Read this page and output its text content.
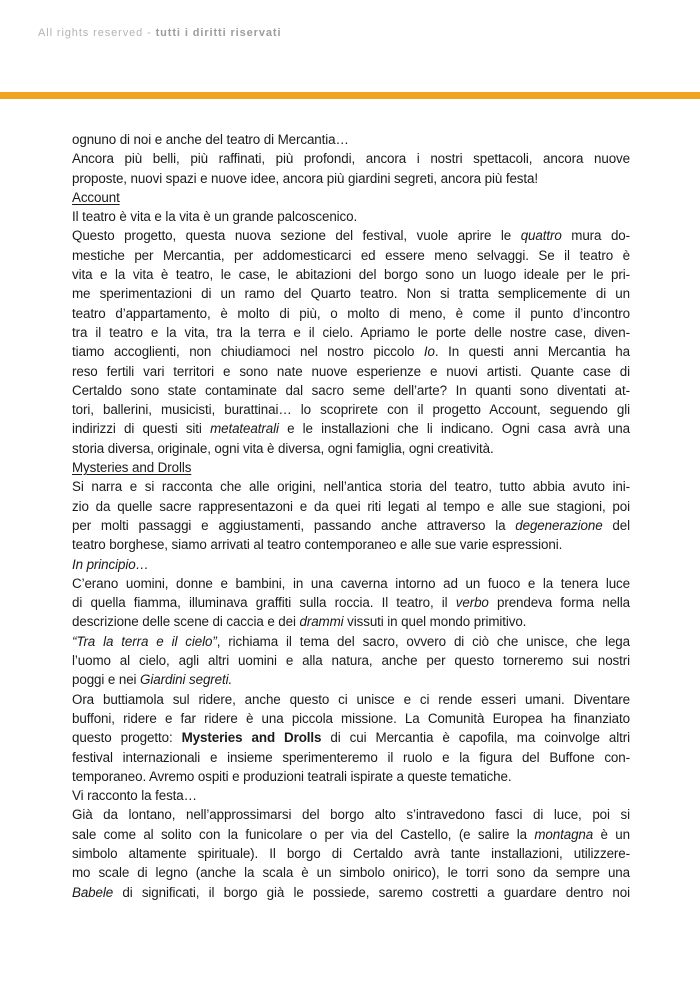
All rights reserved - tutti i diritti riservati
ognuno di noi e anche del teatro di Mercantia…
Ancora più belli, più raffinati, più profondi, ancora i nostri spettacoli, ancora nuove
proposte, nuovi spazi e nuove idee, ancora più giardini segreti, ancora più festa!
Account
Il teatro è vita e la vita è un grande palcoscenico.
Questo progetto, questa nuova sezione del festival, vuole aprire le quattro mura do-
mestiche per Mercantia, per addomesticarci ed essere meno selvaggi. Se il teatro è
vita e la vita è teatro, le case, le abitazioni del borgo sono un luogo ideale per le pri-
me sperimentazioni di un ramo del Quarto teatro. Non si tratta semplicemente di un
teatro d’appartamento, è molto di più, o molto di meno, è come il punto d’incontro
tra il teatro e la vita, tra la terra e il cielo. Apriamo le porte delle nostre case, diven-
tiamo accoglienti, non chiudiamoci nel nostro piccolo Io. In questi anni Mercantia ha
reso fertili vari territori e sono nate nuove esperienze e nuovi artisti. Quante case di
Certaldo sono state contaminate dal sacro seme dell’arte? In quanti sono diventati at-
tori, ballerini, musicisti, burattinai… lo scoprirete con il progetto Account, seguendo gli
indirizzi di questi siti metateatrali e le installazioni che li indicano. Ogni casa avrà una
storia diversa, originale, ogni vita è diversa, ogni famiglia, ogni creatività.
Mysteries and Drolls
Si narra e si racconta che alle origini, nell’antica storia del teatro, tutto abbia avuto ini-
zio da quelle sacre rappresentazoni e da quei riti legati al tempo e alle sue stagioni, poi
per molti passaggi e aggiustamenti, passando anche attraverso la degenerazione del
teatro borghese, siamo arrivati al teatro contemporaneo e alle sue varie espressioni.
In principio…
C’erano uomini, donne e bambini, in una caverna intorno ad un fuoco e la tenera luce
di quella fiamma, illuminava graffiti sulla roccia. Il teatro, il verbo prendeva forma nella
descrizione delle scene di caccia e dei drammi vissuti in quel mondo primitivo.
“Tra la terra e il cielo”, richiama il tema del sacro, ovvero di ciò che unisce, che lega
l’uomo al cielo, agli altri uomini e alla natura, anche per questo torneremo sui nostri
poggi e nei Giardini segreti.
Ora buttiamola sul ridere, anche questo ci unisce e ci rende esseri umani. Diventare
buffoni, ridere e far ridere è una piccola missione. La Comunità Europea ha finanziato
questo progetto: Mysteries and Drolls di cui Mercantia è capofila, ma coinvolge altri
festival internazionali e insieme sperimenteremo il ruolo e la figura del Buffone con-
temporaneo. Avremo ospiti e produzioni teatrali ispirate a queste tematiche.
Vi racconto la festa…
Già da lontano, nell’approssimarsi del borgo alto s’intravedono fasci di luce, poi si
sale come al solito con la funicolare o per via del Castello, (e salire la montagna è un
simbolo altamente spirituale). Il borgo di Certaldo avrà tante installazioni, utilizzere-
mo scale di legno (anche la scala è un simbolo onirico), le torri sono da sempre una
Babele di significati, il borgo già le possiede, saremo costretti a guardare dentro noi
